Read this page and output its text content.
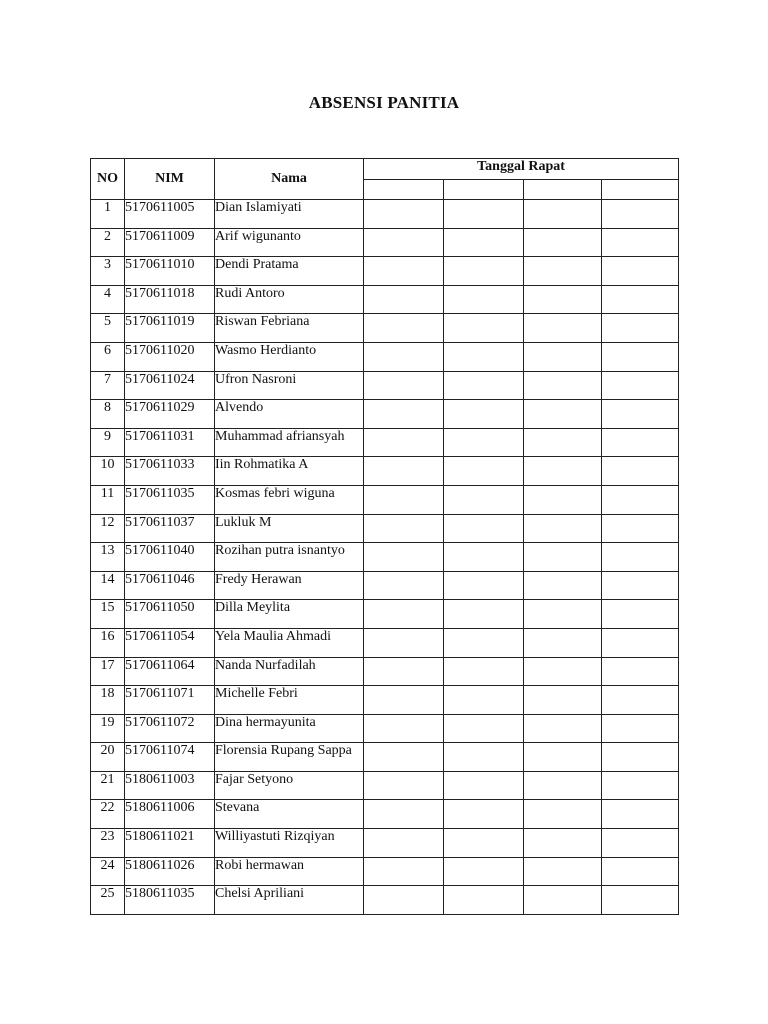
ABSENSI PANITIA
NO	NIM	Nama	Tanggal Rapat			

1	5170611005	Dian Islamiyati				
2	5170611009	Arif wigunanto				
3	5170611010	Dendi Pratama				
4	5170611018	Rudi Antoro				
5	5170611019	Riswan Febriana				
6	5170611020	Wasmo Herdianto				
7	5170611024	Ufron Nasroni				
8	5170611029	Alvendo				
9	5170611031	Muhammad afriansyah				
10	5170611033	Iin Rohmatika A				
11	5170611035	Kosmas febri wiguna				
12	5170611037	Lukluk M				
13	5170611040	Rozihan putra isnantyo				
14	5170611046	Fredy Herawan				
15	5170611050	Dilla Meylita				
16	5170611054	Yela Maulia Ahmadi				
17	5170611064	Nanda Nurfadilah				
18	5170611071	Michelle Febri				
19	5170611072	Dina hermayunita				
20	5170611074	Florensia Rupang Sappa				
21	5180611003	Fajar Setyono				
22	5180611006	Stevana				
23	5180611021	Williyastuti Rizqiyan				
24	5180611026	Robi hermawan				
25	5180611035	Chelsi Apriliani				
